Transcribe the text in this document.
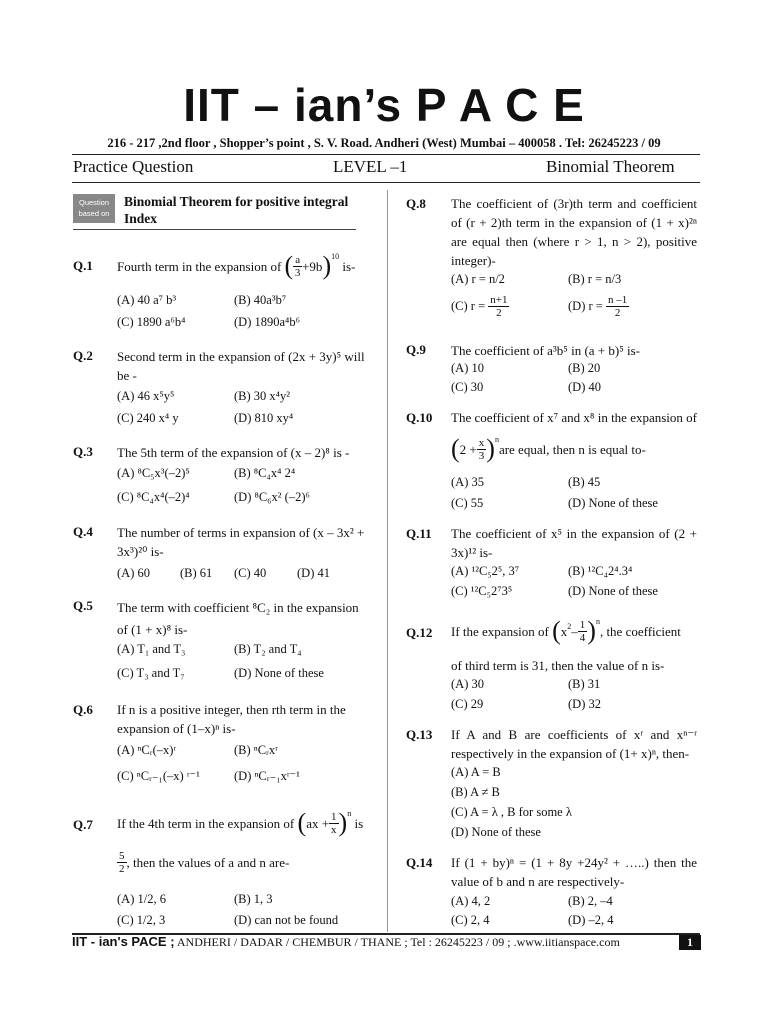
IIT – ian’s P A C E
216 - 217 ,2nd floor , Shopper’s point , S. V. Road. Andheri (West) Mumbai – 400058 . Tel: 26245223 / 09
Practice Question	LEVEL –1	Binomial Theorem
Question based on
Binomial Theorem for positive integral Index
Q.1 Fourth term in the expansion of
( $\frac{a}{3} +9b$ )$^{10}$

is-
(A) 40 a⁷ b³	(B) 40a³b⁷
(C) 1890 a⁶b⁴	(D) 1890a⁴b⁶
Q.2 Second term in the expansion of (2x + 3y)⁵ will be -
(A) 46 x⁵y⁵	(B) 30 x⁴y²
(C) 240 x⁴ y	(D) 810 xy⁴
Q.3 The 5th term of the expansion of (x – 2)⁸ is -
(A) ⁸C₅x³(–2)⁵	(B) ⁸C₄x⁴ 2⁴
(C) ⁸C₄x⁴(–2)⁴	(D) ⁸C₆x² (–2)⁶
Q.4 The number of terms in expansion of (x – 3x² + 3x³)²⁰ is-
(A) 60 (B) 61 (C) 40 (D) 41
Q.5 The term with coefficient ⁸C₂ in the expansion of (1 + x)⁸ is-
(A) T₁ and T₃	(B) T₂ and T₄
(C) T₃ and T₇	(D) None of these
Q.6 If n is a positive integer, then rth term in the expansion of (1–x)ⁿ is-
(A) ⁿCᵣ(–x)ʳ	(B) ⁿCᵣxʳ
(C) ⁿCᵣ₋₁(–x) ʳ⁻¹	(D) ⁿCᵣ₋₁xʳ⁻¹
Q.7 If the 4th term in the expansion of
( ax + $\frac{1}{x} )^n$

is
$\frac{5}{2}$ , then the values of a and n are-
(A) 1/2, 6	(B) 1, 3
(C) 1/2, 3	(D) can not be found
Q.8 The coefficient of (3r)th term and coefficient of (r + 2)th term in the expansion of (1 + x)²ⁿ are equal then (where r > 1, n > 2), positive integer)-
(A) r = n/2	(B) r = n/3
(C) r =
$\frac{n+1}{2}$	(D) r =
$\frac{n -1}{2}$
Q.9 The coefficient of a³b⁵ in (a + b)⁵ is-
(A) 10	(B) 20
(C) 30	(D) 40
Q.10 The coefficient of x⁷ and x⁸ in the expansion of
( $2 + \frac{x}{3} )^n$
are equal, then n is equal to-
(A) 35	(B) 45
(C) 55	(D) None of these
Q.11 The coefficient of x⁵ in the expansion of (2 + 3x)¹² is-
(A) ¹²C₅2⁵, 3⁷	(B) ¹²C₄2⁴.3⁴
(C) ¹²C₅2⁷3⁵	(D) None of these
Q.12 If the expansion of
( $x^2 - \frac{1}{4} )^n$
, the coefficient
of third term is 31, then the value of n is-
(A) 30	(B) 31
(C) 29	(D) 32
Q.13 If A and B are coefficients of xʳ and xⁿ⁻ʳ respectively in the expansion of (1+ x)ⁿ, then-
(A) A = B
(B) A ≠ B
(C) A = λ , B for some λ
(D) None of these
Q.14 If (1 + by)ⁿ = (1 + 8y +24y² + …..) then the value of b and n are respectively-
(A) 4, 2	(B) 2, –4
(C) 2, 4	(D) –2, 4
IIT - ian's PACE ; ANDHERI / DADAR / CHEMBUR / THANE ; Tel : 26245223 / 09 ; .www.iitianspace.com	1
